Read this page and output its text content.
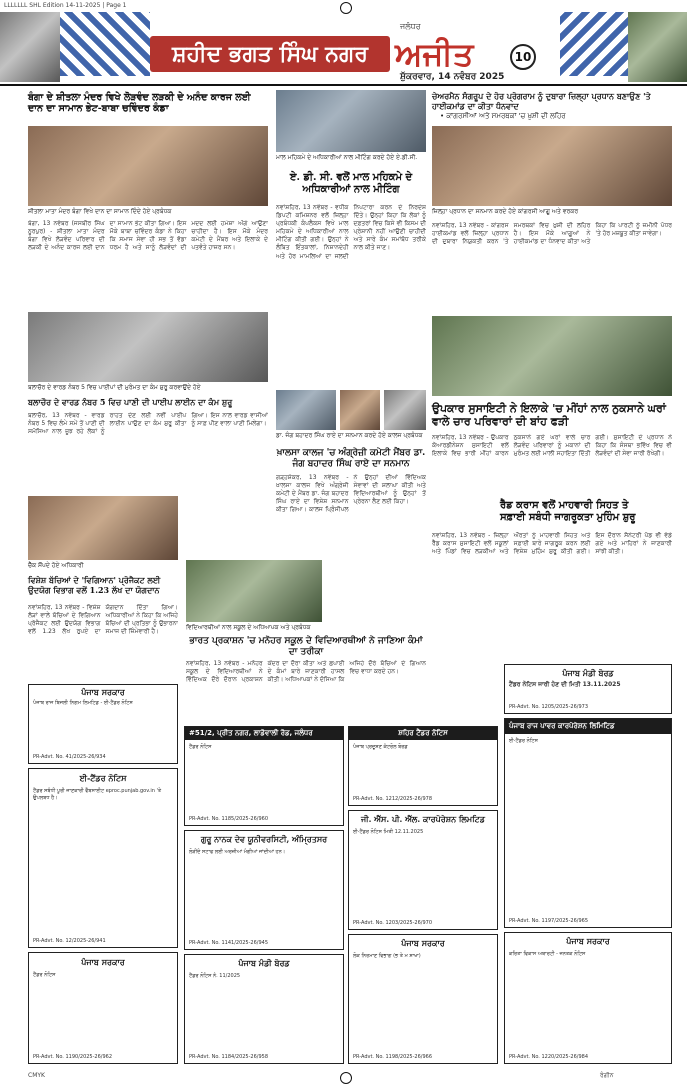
LLLLLLL SHL Edition 14-11-2025 | Page 1
ਸ਼ਹੀਦ ਭਗਤ ਸਿੰਘ ਨਗਰ
ਜਲੰਧਰ
ਅਜੀਤ	10
ਸ਼ੁੱਕਰਵਾਰ, 14 ਨਵੰਬਰ 2025
ਬੰਗਾ ਦੇ ਸ਼ੀਤਲਾ ਮੰਦਰ ਵਿਖੇ ਲੋੜਵੰਦ ਲੜਕੀ ਦੇ ਅਨੰਦ ਕਾਰਜ ਲਈ ਦਾਨ ਦਾ ਸਾਮਾਨ ਭੇਟ-ਬਾਬਾ ਚਵਿੰਦਰ ਕੰਡਾ
ਸ਼ੀਤਲਾ ਮਾਤਾ ਮੰਦਰ ਬੰਗਾ ਵਿਖੇ ਦਾਨ ਦਾ ਸਾਮਾਨ ਦਿੰਦੇ ਹੋਏ ਪ੍ਰਬੰਧਕ
ਬੰਗਾ, 13 ਨਵੰਬਰ (ਜਸਬੀਰ ਸਿੰਘ ਨੂਰਪੁਰ) - ਸ਼ੀਤਲਾ ਮਾਤਾ ਮੰਦਰ ਬੰਗਾ ਵਿਖੇ ਲੋੜਵੰਦ ਪਰਿਵਾਰ ਦੀ ਲੜਕੀ ਦੇ ਅਨੰਦ ਕਾਰਜ ਲਈ ਦਾਨ ਦਾ ਸਾਮਾਨ ਭੇਟ ਕੀਤਾ ਗਿਆ। ਇਸ ਮੌਕੇ ਬਾਬਾ ਚਵਿੰਦਰ ਕੰਡਾ ਨੇ ਕਿਹਾ ਕਿ ਸਮਾਜ ਸੇਵਾ ਹੀ ਸਭ ਤੋਂ ਵੱਡਾ ਧਰਮ ਹੈ ਅਤੇ ਸਾਨੂੰ ਲੋੜਵੰਦਾਂ ਦੀ ਮਦਦ ਲਈ ਹਮੇਸ਼ਾ ਅੱਗੇ ਆਉਣਾ ਚਾਹੀਦਾ ਹੈ। ਇਸ ਮੌਕੇ ਮੰਦਰ ਕਮੇਟੀ ਦੇ ਮੈਂਬਰ ਅਤੇ ਇਲਾਕੇ ਦੇ ਪਤਵੰਤੇ ਹਾਜ਼ਰ ਸਨ।
ਮਾਲ ਮਹਿਕਮੇ ਦੇ ਅਧਿਕਾਰੀਆਂ ਨਾਲ ਮੀਟਿੰਗ ਕਰਦੇ ਹੋਏ ਏ.ਡੀ.ਸੀ.
ਏ. ਡੀ. ਸੀ. ਵਲੋਂ ਮਾਲ ਮਹਿਕਮੇ ਦੇ ਅਧਿਕਾਰੀਆਂ ਨਾਲ ਮੀਟਿੰਗ
ਨਵਾਂਸ਼ਹਿਰ, 13 ਨਵੰਬਰ - ਵਧੀਕ ਡਿਪਟੀ ਕਮਿਸ਼ਨਰ ਵਲੋਂ ਜ਼ਿਲ੍ਹਾ ਪ੍ਰਬੰਧਕੀ ਕੰਪਲੈਕਸ ਵਿਖੇ ਮਾਲ ਮਹਿਕਮੇ ਦੇ ਅਧਿਕਾਰੀਆਂ ਨਾਲ ਮੀਟਿੰਗ ਕੀਤੀ ਗਈ। ਉਨ੍ਹਾਂ ਨੇ ਲੰਬਿਤ ਇੰਤਕਾਲਾਂ, ਨਿਸ਼ਾਨਦੇਹੀ ਅਤੇ ਹੋਰ ਮਾਮਲਿਆਂ ਦਾ ਜਲਦੀ ਨਿਪਟਾਰਾ ਕਰਨ ਦੇ ਨਿਰਦੇਸ਼ ਦਿੱਤੇ। ਉਨ੍ਹਾਂ ਕਿਹਾ ਕਿ ਲੋਕਾਂ ਨੂੰ ਦਫ਼ਤਰਾਂ ਵਿਚ ਕਿਸੇ ਵੀ ਕਿਸਮ ਦੀ ਪ੍ਰੇਸ਼ਾਨੀ ਨਹੀਂ ਆਉਣੀ ਚਾਹੀਦੀ ਅਤੇ ਸਾਰੇ ਕੰਮ ਸਮਾਂਬੱਧ ਤਰੀਕੇ ਨਾਲ ਕੀਤੇ ਜਾਣ।
ਚੇਅਰਮੈਨ ਸੰਗਰੂਪ ਦੇ ਹੋਰ ਪ੍ਰੋਗਰਾਮ ਨੂੰ ਦੁਬਾਰਾ ਜ਼ਿਲ੍ਹਾ ਪ੍ਰਧਾਨ ਬਣਾਉਣ 'ਤੇ ਹਾਈਕਮਾਂਡ ਦਾ ਕੀਤਾ ਧੰਨਵਾਦ
• ਕਾਂਗਰਸੀਆਂ ਅਤੇ ਸਮਰਥਕਾਂ 'ਚ ਖ਼ੁਸ਼ੀ ਦੀ ਲਹਿਰ
ਜ਼ਿਲ੍ਹਾ ਪ੍ਰਧਾਨ ਦਾ ਸਨਮਾਨ ਕਰਦੇ ਹੋਏ ਕਾਂਗਰਸੀ ਆਗੂ ਅਤੇ ਵਰਕਰ
ਨਵਾਂਸ਼ਹਿਰ, 13 ਨਵੰਬਰ - ਕਾਂਗਰਸ ਹਾਈਕਮਾਂਡ ਵਲੋਂ ਜ਼ਿਲ੍ਹਾ ਪ੍ਰਧਾਨ ਦੀ ਦੁਬਾਰਾ ਨਿਯੁਕਤੀ ਕਰਨ 'ਤੇ ਸਮਰਥਕਾਂ ਵਿਚ ਖ਼ੁਸ਼ੀ ਦੀ ਲਹਿਰ ਹੈ। ਇਸ ਮੌਕੇ ਆਗੂਆਂ ਨੇ ਹਾਈਕਮਾਂਡ ਦਾ ਧੰਨਵਾਦ ਕੀਤਾ ਅਤੇ ਕਿਹਾ ਕਿ ਪਾਰਟੀ ਨੂੰ ਜ਼ਮੀਨੀ ਪੱਧਰ 'ਤੇ ਹੋਰ ਮਜ਼ਬੂਤ ਕੀਤਾ ਜਾਵੇਗਾ।
ਬਲਾਚੌਰ ਦੇ ਵਾਰਡ ਨੰਬਰ 5 ਵਿਚ ਪਾਈਪਾਂ ਦੀ ਮੁਰੰਮਤ ਦਾ ਕੰਮ ਸ਼ੁਰੂ ਕਰਵਾਉਂਦੇ ਹੋਏ
ਬਲਾਚੌਰ ਦੇ ਵਾਰਡ ਨੰਬਰ 5 ਵਿਚ ਪਾਣੀ ਦੀ ਪਾਈਪ ਲਾਈਨ ਦਾ ਕੰਮ ਸ਼ੁਰੂ
ਬਲਾਚੌਰ, 13 ਨਵੰਬਰ - ਵਾਰਡ ਨੰਬਰ 5 ਵਿਚ ਲੰਮੇ ਸਮੇਂ ਤੋਂ ਪਾਣੀ ਦੀ ਸਮੱਸਿਆ ਨਾਲ ਜੂਝ ਰਹੇ ਲੋਕਾਂ ਨੂੰ ਰਾਹਤ ਦੇਣ ਲਈ ਨਵੀਂ ਪਾਈਪ ਲਾਈਨ ਪਾਉਣ ਦਾ ਕੰਮ ਸ਼ੁਰੂ ਕੀਤਾ ਗਿਆ। ਇਸ ਨਾਲ ਵਾਰਡ ਵਾਸੀਆਂ ਨੂੰ ਸਾਫ਼ ਪੀਣ ਵਾਲਾ ਪਾਣੀ ਮਿਲੇਗਾ।
ਡਾ. ਜੰਗ ਬਹਾਦਰ ਸਿੰਘ ਰਾਏ ਦਾ ਸਨਮਾਨ ਕਰਦੇ ਹੋਏ ਕਾਲਜ ਪ੍ਰਬੰਧਕ
ਖ਼ਾਲਸਾ ਕਾਲਜ 'ਚ ਅੰਗ੍ਰੇਜ਼ੀ ਕਮੇਟੀ ਮੈਂਬਰ ਡਾ. ਜੰਗ ਬਹਾਦਰ ਸਿੰਘ ਰਾਏ ਦਾ ਸਨਮਾਨ
ਗੜ੍ਹਸ਼ੰਕਰ, 13 ਨਵੰਬਰ - ਖ਼ਾਲਸਾ ਕਾਲਜ ਵਿਖੇ ਅੰਗ੍ਰੇਜ਼ੀ ਕਮੇਟੀ ਦੇ ਮੈਂਬਰ ਡਾ. ਜੰਗ ਬਹਾਦਰ ਸਿੰਘ ਰਾਏ ਦਾ ਵਿਸ਼ੇਸ਼ ਸਨਮਾਨ ਕੀਤਾ ਗਿਆ। ਕਾਲਜ ਪ੍ਰਿੰਸੀਪਲ ਨੇ ਉਨ੍ਹਾਂ ਦੀਆਂ ਵਿੱਦਿਅਕ ਸੇਵਾਵਾਂ ਦੀ ਸ਼ਲਾਘਾ ਕੀਤੀ ਅਤੇ ਵਿਦਿਆਰਥੀਆਂ ਨੂੰ ਉਨ੍ਹਾਂ ਤੋਂ ਪ੍ਰੇਰਨਾ ਲੈਣ ਲਈ ਕਿਹਾ।
ਉਪਕਾਰ ਸੁਸਾਇਟੀ ਨੇ ਇਲਾਕੇ 'ਚ ਮੀਂਹਾਂ ਨਾਲ ਨੁਕਸਾਨੇ ਘਰਾਂ ਵਾਲੇ ਚਾਰ ਪਰਿਵਾਰਾਂ ਦੀ ਬਾਂਹ ਫੜੀ
ਨਵਾਂਸ਼ਹਿਰ, 13 ਨਵੰਬਰ - ਉਪਕਾਰ ਕੋਆਰਡੀਨੇਸ਼ਨ ਸੁਸਾਇਟੀ ਵਲੋਂ ਇਲਾਕੇ ਵਿਚ ਭਾਰੀ ਮੀਂਹਾਂ ਕਾਰਨ ਨੁਕਸਾਨੇ ਗਏ ਘਰਾਂ ਵਾਲੇ ਚਾਰ ਲੋੜਵੰਦ ਪਰਿਵਾਰਾਂ ਨੂੰ ਮਕਾਨਾਂ ਦੀ ਮੁਰੰਮਤ ਲਈ ਮਾਲੀ ਸਹਾਇਤਾ ਦਿੱਤੀ ਗਈ। ਸੁਸਾਇਟੀ ਦੇ ਪ੍ਰਧਾਨ ਨੇ ਕਿਹਾ ਕਿ ਸੰਸਥਾ ਭਵਿੱਖ ਵਿਚ ਵੀ ਲੋੜਵੰਦਾਂ ਦੀ ਸੇਵਾ ਜਾਰੀ ਰੱਖੇਗੀ।
ਰੈੱਡ ਕਰਾਸ ਵਲੋਂ ਮਾਹਵਾਰੀ ਸਿਹਤ ਤੇ ਸਫ਼ਾਈ ਸਬੰਧੀ ਜਾਗਰੂਕਤਾ ਮੁਹਿੰਮ ਸ਼ੁਰੂ
ਨਵਾਂਸ਼ਹਿਰ, 13 ਨਵੰਬਰ - ਜ਼ਿਲ੍ਹਾ ਰੈੱਡ ਕਰਾਸ ਸੁਸਾਇਟੀ ਵਲੋਂ ਸਕੂਲਾਂ ਅਤੇ ਪਿੰਡਾਂ ਵਿਚ ਲੜਕੀਆਂ ਅਤੇ ਔਰਤਾਂ ਨੂੰ ਮਾਹਵਾਰੀ ਸਿਹਤ ਅਤੇ ਸਫ਼ਾਈ ਬਾਰੇ ਜਾਗਰੂਕ ਕਰਨ ਲਈ ਵਿਸ਼ੇਸ਼ ਮੁਹਿੰਮ ਸ਼ੁਰੂ ਕੀਤੀ ਗਈ। ਇਸ ਦੌਰਾਨ ਸੈਨੇਟਰੀ ਪੈਡ ਵੀ ਵੰਡੇ ਗਏ ਅਤੇ ਮਾਹਿਰਾਂ ਨੇ ਜਾਣਕਾਰੀ ਸਾਂਝੀ ਕੀਤੀ।
ਚੈੱਕ ਸੌਂਪਦੇ ਹੋਏ ਅਧਿਕਾਰੀ
ਵਿਸ਼ੇਸ਼ ਬੱਚਿਆਂ ਦੇ 'ਵਿਗਿਆਨ' ਪ੍ਰੋਜੈਕਟ ਲਈ ਉਦਯੋਗ ਵਿਭਾਗ ਵਲੋਂ 1.23 ਲੱਖ ਦਾ ਯੋਗਦਾਨ
ਨਵਾਂਸ਼ਹਿਰ, 13 ਨਵੰਬਰ - ਵਿਸ਼ੇਸ਼ ਲੋੜਾਂ ਵਾਲੇ ਬੱਚਿਆਂ ਦੇ ਵਿਗਿਆਨ ਪ੍ਰੋਜੈਕਟ ਲਈ ਉਦਯੋਗ ਵਿਭਾਗ ਵਲੋਂ 1.23 ਲੱਖ ਰੁਪਏ ਦਾ ਯੋਗਦਾਨ ਦਿੱਤਾ ਗਿਆ। ਅਧਿਕਾਰੀਆਂ ਨੇ ਕਿਹਾ ਕਿ ਅਜਿਹੇ ਬੱਚਿਆਂ ਦੀ ਪ੍ਰਤਿਭਾ ਨੂੰ ਉਭਾਰਨਾ ਸਮਾਜ ਦੀ ਜ਼ਿੰਮੇਵਾਰੀ ਹੈ।
ਵਿਦਿਆਰਥੀਆਂ ਨਾਲ ਸਕੂਲ ਦੇ ਅਧਿਆਪਕ ਅਤੇ ਪ੍ਰਬੰਧਕ
ਭਾਰਤ ਪ੍ਰਕਾਸ਼ਨ 'ਚ ਮਨੋਹਰ ਸਕੂਲ ਦੇ ਵਿਦਿਆਰਥੀਆਂ ਨੇ ਜਾਣਿਆ ਕੰਮਾਂ ਦਾ ਤਰੀਕਾ
ਨਵਾਂਸ਼ਹਿਰ, 13 ਨਵੰਬਰ - ਮਨੋਹਰ ਸਕੂਲ ਦੇ ਵਿਦਿਆਰਥੀਆਂ ਨੇ ਵਿੱਦਿਅਕ ਦੌਰੇ ਦੌਰਾਨ ਪ੍ਰਕਾਸ਼ਨ ਕੇਂਦਰ ਦਾ ਦੌਰਾ ਕੀਤਾ ਅਤੇ ਛਪਾਈ ਦੇ ਕੰਮਾਂ ਬਾਰੇ ਜਾਣਕਾਰੀ ਹਾਸਲ ਕੀਤੀ। ਅਧਿਆਪਕਾਂ ਨੇ ਦੱਸਿਆ ਕਿ ਅਜਿਹੇ ਦੌਰੇ ਬੱਚਿਆਂ ਦੇ ਗਿਆਨ ਵਿਚ ਵਾਧਾ ਕਰਦੇ ਹਨ।
ਪੰਜਾਬ ਸਰਕਾਰ
ਪੰਜਾਬ ਰਾਜ ਬਿਜਲੀ ਨਿਗਮ ਲਿਮਟਿਡ - ਈ-ਟੈਂਡਰ ਨੋਟਿਸ
PR-Advt. No. 41/2025-26/934
ਈ-ਟੈਂਡਰ ਨੋਟਿਸ
ਟੈਂਡਰ ਸਬੰਧੀ ਪੂਰੀ ਜਾਣਕਾਰੀ ਵੈੱਬਸਾਈਟ eproc.punjab.gov.in 'ਤੇ ਉਪਲਬਧ ਹੈ।
PR-Advt. No. 12/2025-26/941
ਪੰਜਾਬ ਸਰਕਾਰ
ਟੈਂਡਰ ਨੋਟਿਸ
PR-Advt. No. 1190/2025-26/962
#51/2, ਪ੍ਰੀਤ ਨਗਰ, ਲਾਡੋਵਾਲੀ ਰੋਡ, ਜਲੰਧਰ
ਟੈਂਡਰ ਨੋਟਿਸ
PR-Advt. No. 1185/2025-26/960
ਗੁਰੂ ਨਾਨਕ ਦੇਵ ਯੂਨੀਵਰਸਿਟੀ, ਅੰਮ੍ਰਿਤਸਰ
ਲੋੜੀਂਦੇ ਸਟਾਫ ਲਈ ਅਰਜ਼ੀਆਂ ਮੰਗੀਆਂ ਜਾਂਦੀਆਂ ਹਨ।
PR-Advt. No. 1141/2025-26/945
ਪੰਜਾਬ ਮੰਡੀ ਬੋਰਡ
ਟੈਂਡਰ ਨੋਟਿਸ ਨੰ. 11/2025
PR-Advt. No. 1184/2025-26/958
ਸ਼ਹਿਰ ਟੈਂਡਰ ਨੋਟਿਸ
ਪੰਜਾਬ ਪ੍ਰਦੂਸ਼ਣ ਕੰਟਰੋਲ ਬੋਰਡ
PR-Advt. No. 1212/2025-26/978
ਜੀ. ਐੱਸ. ਪੀ. ਐੱਲ. ਕਾਰਪੋਰੇਸ਼ਨ ਲਿਮਟਿਡ
ਈ-ਟੈਂਡਰ ਨੋਟਿਸ ਮਿਤੀ 12.11.2025
PR-Advt. No. 1203/2025-26/970
ਪੰਜਾਬ ਸਰਕਾਰ
ਲੋਕ ਨਿਰਮਾਣ ਵਿਭਾਗ (ਭ ਤੇ ਮ ਸ਼ਾਖਾ)
PR-Advt. No. 1198/2025-26/966
ਪੰਜਾਬ ਮੰਡੀ ਬੋਰਡ
ਟੈਂਡਰ ਨੋਟਿਸ ਜਾਰੀ ਹੋਣ ਦੀ ਮਿਤੀ 13.11.2025
PR-Advt. No. 1205/2025-26/973
ਪੰਜਾਬ ਰਾਜ ਪਾਵਰ ਕਾਰਪੋਰੇਸ਼ਨ ਲਿਮਿਟਿਡ
ਈ-ਟੈਂਡਰ ਨੋਟਿਸ
PR-Advt. No. 1197/2025-26/965
ਪੰਜਾਬ ਸਰਕਾਰ
ਕਰਿਤਾ ਵਿਕਾਸ ਅਥਾਰਟੀ - ਜਨਤਕ ਨੋਟਿਸ
PR-Advt. No. 1220/2025-26/984
CMYK	ਰੰਗੀਨ
